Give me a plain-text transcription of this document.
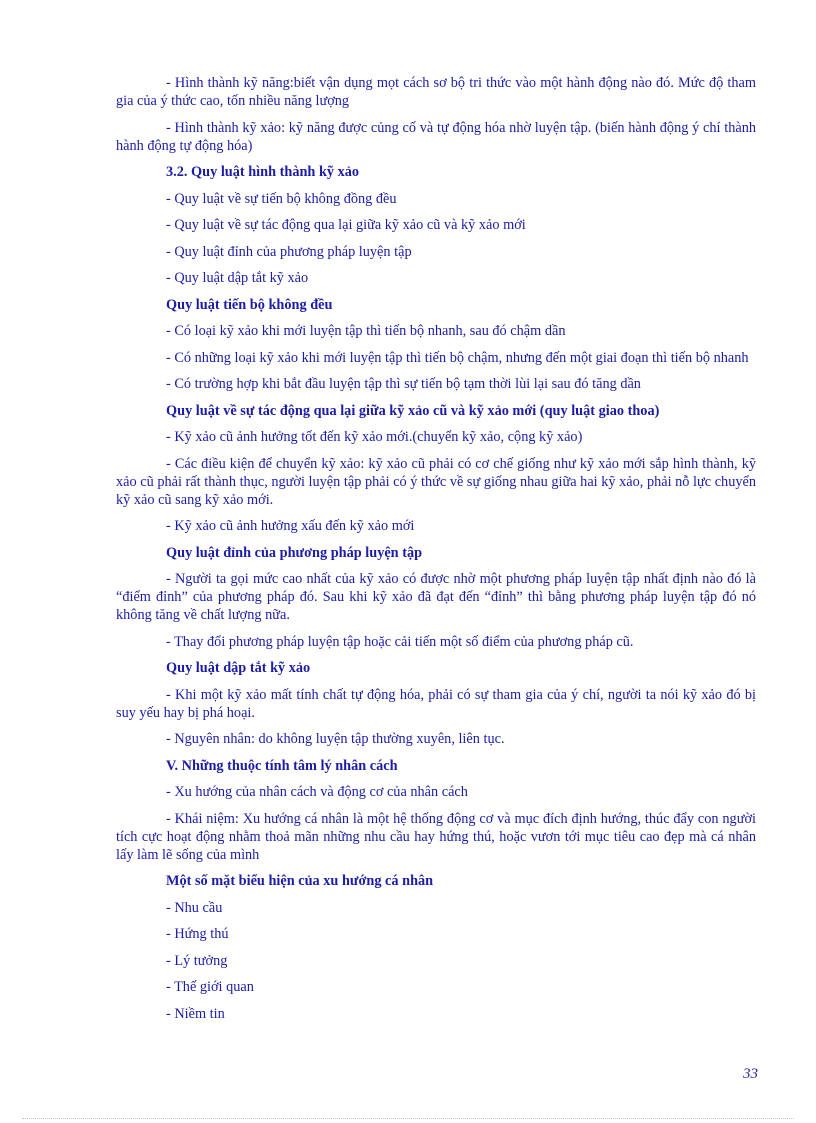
- Hình thành kỹ năng:biết vận dụng mọt cách sơ bộ tri thức vào một hành động nào đó. Mức độ tham gia của ý thức cao, tốn nhiều năng lượng

- Hình thành kỹ xảo: kỹ năng được củng cố và tự động hóa nhờ luyện tập. (biến hành động ý chí thành hành động tự động hóa)

3.2. Quy luật hình thành kỹ xảo

- Quy luật về sự tiến bộ không đồng đều

- Quy luật về sự tác động qua lại giữa kỹ xảo cũ và kỹ xảo mới

- Quy luật đỉnh của phương pháp luyện tập

- Quy luật dập tắt kỹ xảo

Quy luật tiến bộ không đều

- Có loại kỹ xảo khi mới luyện tập thì tiến bộ nhanh, sau đó chậm dần

- Có những loại kỹ xảo khi mới luyện tập thì tiến bộ chậm, nhưng đến một giai đoạn thì tiến bộ nhanh

- Có trường hợp khi bắt đầu luyện tập thì sự tiến bộ tạm thời lùi lại sau đó tăng dần

Quy luật về sự tác động qua lại giữa kỹ xảo cũ và kỹ xảo mới (quy luật giao thoa)

- Kỹ xảo cũ ảnh hưởng tốt đến kỹ xảo mới.(chuyển kỹ xảo, cộng kỹ xảo)

- Các điều kiện để chuyển kỹ xảo: kỹ xảo cũ phải có cơ chế giống như kỹ xảo mới sắp hình thành, kỹ xảo cũ phải rất thành thục, người luyện tập phải có ý thức về sự giống nhau giữa hai kỹ xảo, phải nỗ lực chuyển kỹ xảo cũ sang kỹ xảo mới.

- Kỹ xảo cũ ảnh hưởng xấu đến kỹ xảo mới

Quy luật đỉnh của phương pháp luyện tập

- Người ta gọi mức cao nhất của kỹ xảo có được nhờ một phương pháp luyện tập nhất định nào đó là “điểm đỉnh” của phương pháp đó. Sau khi kỹ xảo đã đạt đến “đỉnh” thì bằng phương pháp luyện tập đó nó không tăng về chất lượng nữa.

- Thay đổi phương pháp luyện tập hoặc cải tiến một số điểm của phương pháp cũ.

Quy luật dập tắt kỹ xảo

- Khi một kỹ xảo mất tính chất tự động hóa, phải có sự tham gia của ý chí, người ta nói kỹ xảo đó bị suy yếu hay bị phá hoại.

- Nguyên nhân: do không luyện tập thường xuyên, liên tục.

V. Những thuộc tính tâm lý nhân cách

- Xu hướng của nhân cách và động cơ của nhân cách

- Khái niệm: Xu hướng cá nhân là một hệ thống động cơ và mục đích định hướng, thúc đẩy con người tích cực hoạt động nhằm thoả mãn những nhu cầu hay hứng thú, hoặc vươn tới mục tiêu cao đẹp mà cá nhân lấy làm lẽ sống của mình

Một số mặt biểu hiện của xu hướng cá nhân

- Nhu cầu

- Hứng thú

- Lý tưởng

- Thế giới quan

- Niềm tin

33
